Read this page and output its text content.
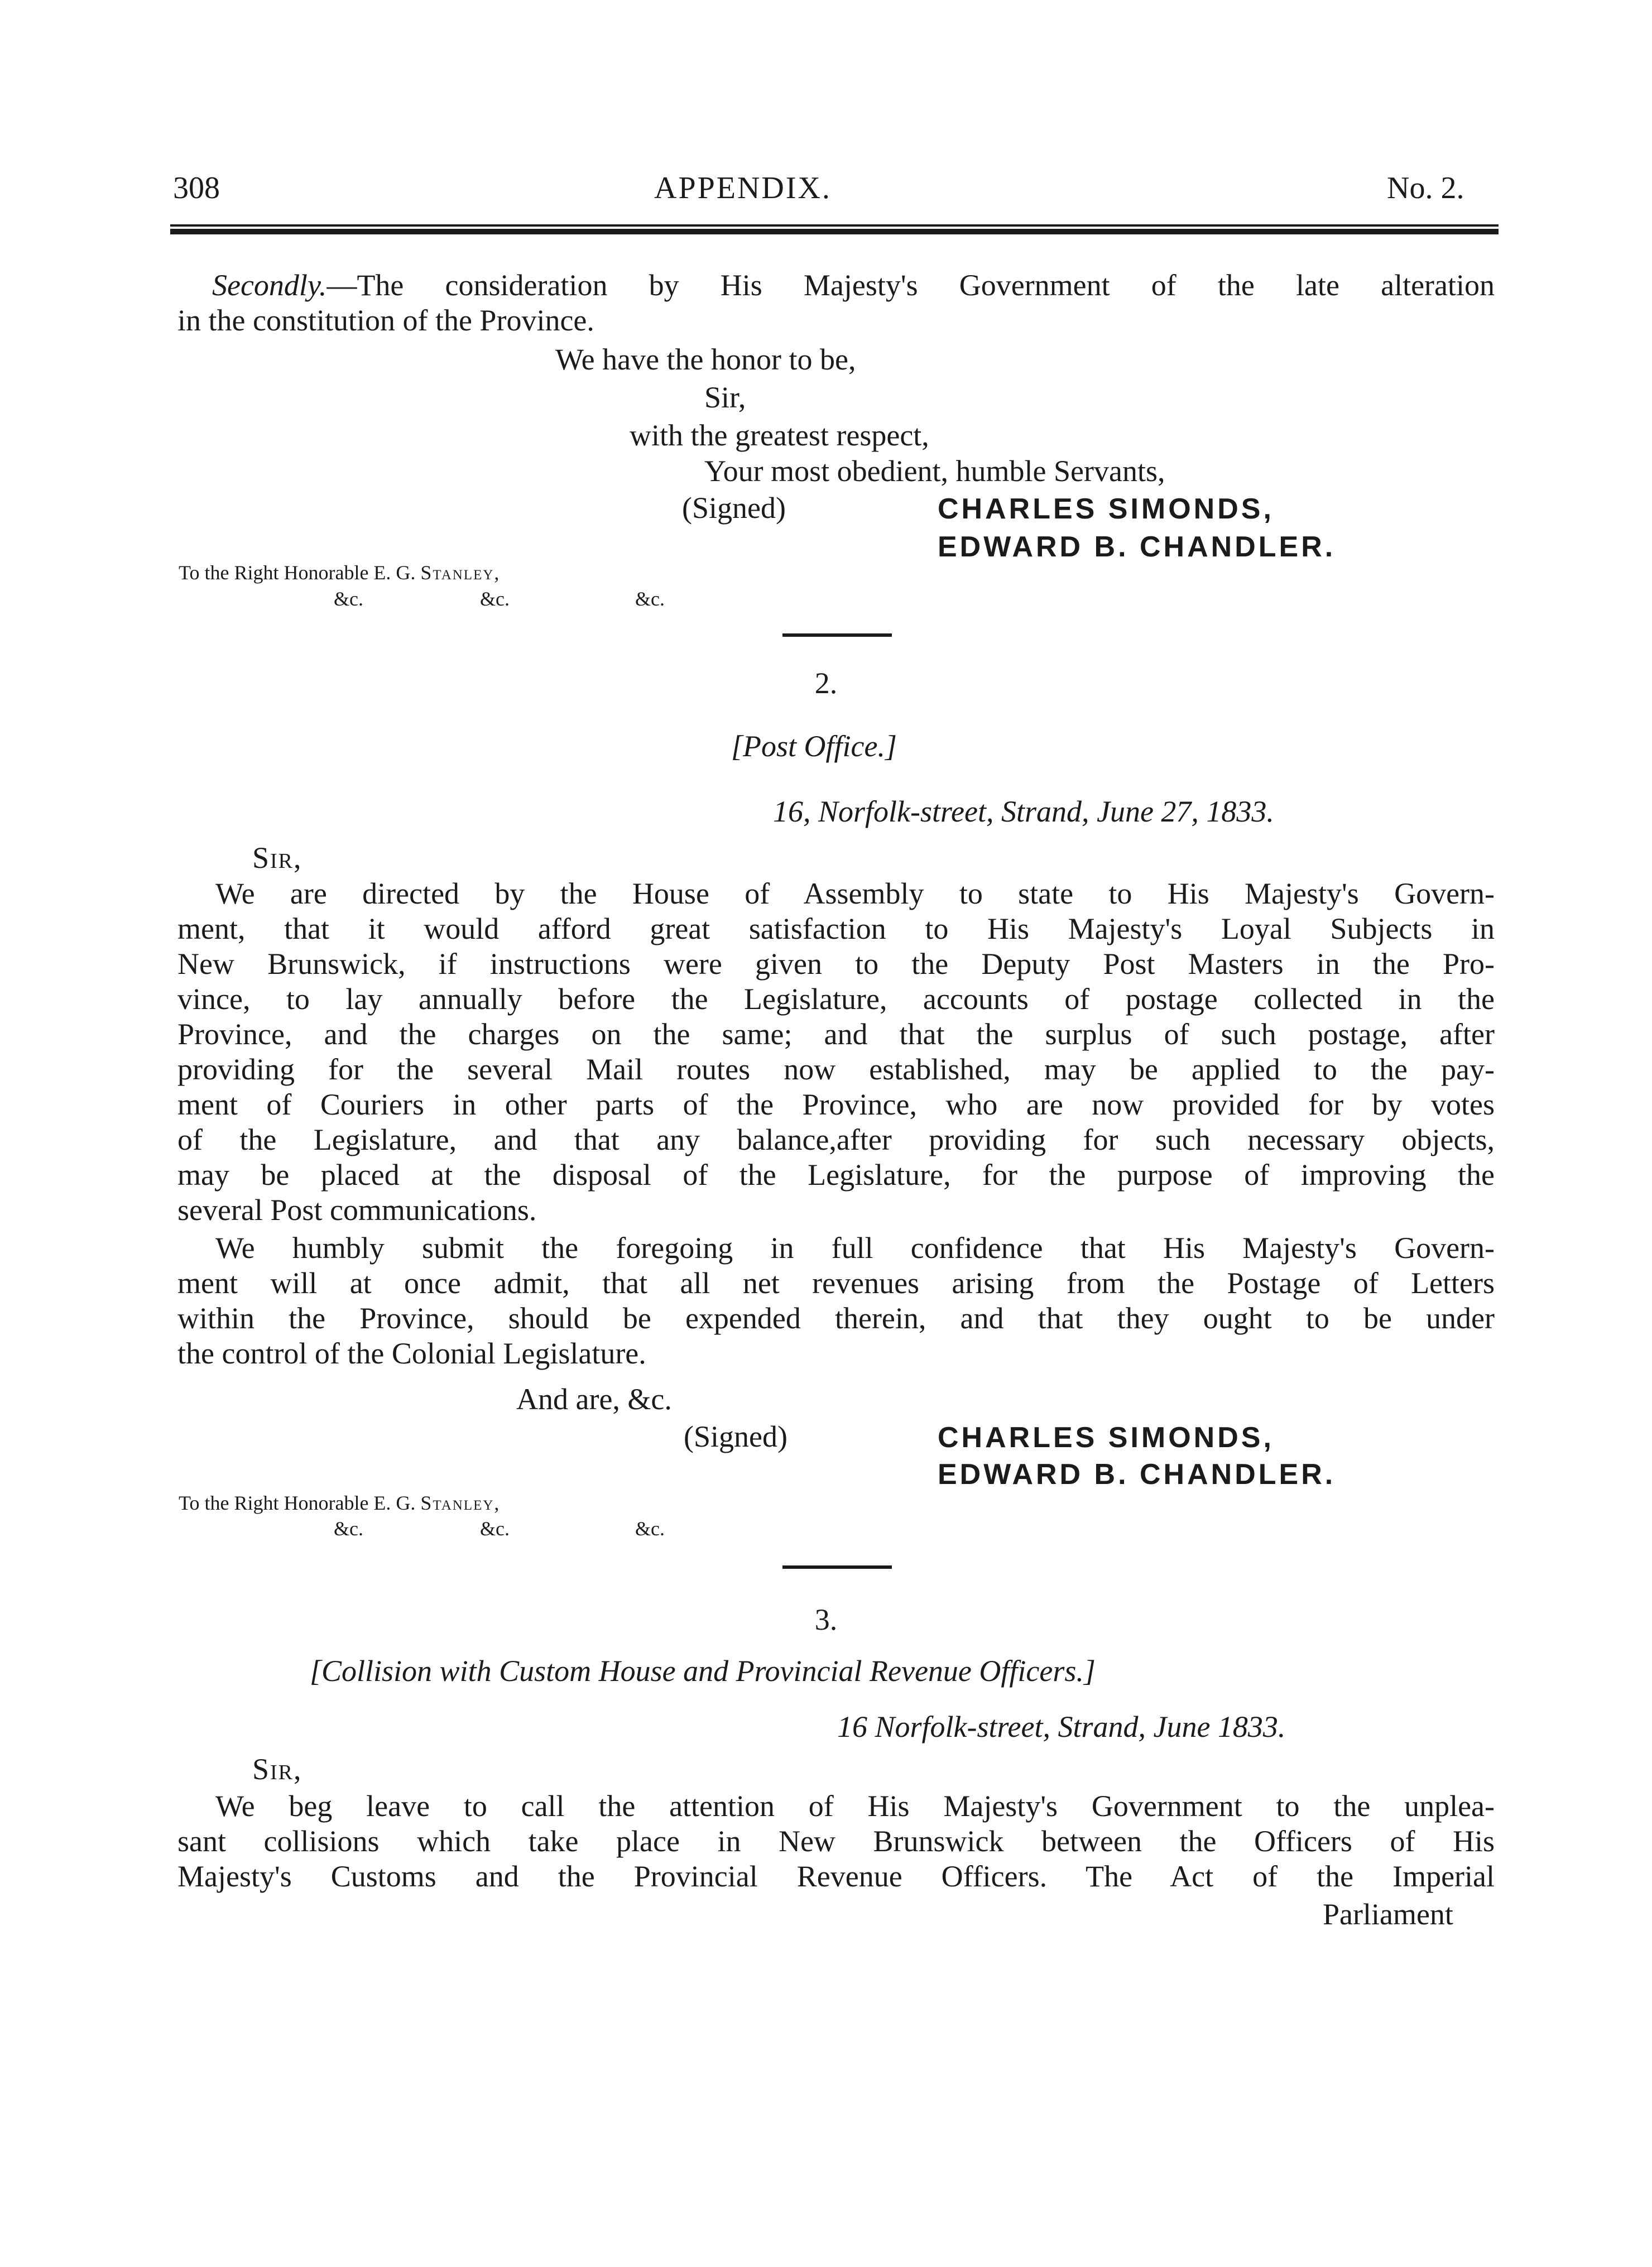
308	APPENDIX.	No. 2.
Secondly.—The consideration by His Majesty's Government of the late alteration
in the constitution of the Province.
We have the honor to be,
Sir,
with the greatest respect,
Your most obedient, humble Servants,
(Signed)	CHARLES SIMONDS,
EDWARD B. CHANDLER.
To the Right Honorable E. G. Stanley,
&c.	&c.	&c.
2.
[Post Office.]
16, Norfolk-street, Strand, June 27, 1833.
Sir,
We are directed by the House of Assembly to state to His Majesty's Govern-
ment, that it would afford great satisfaction to His Majesty's Loyal Subjects in
New Brunswick, if instructions were given to the Deputy Post Masters in the Pro-
vince, to lay annually before the Legislature, accounts of postage collected in the
Province, and the charges on the same; and that the surplus of such postage, after
providing for the several Mail routes now established, may be applied to the pay-
ment of Couriers in other parts of the Province, who are now provided for by votes
of the Legislature, and that any balance,after providing for such necessary objects,
may be placed at the disposal of the Legislature, for the purpose of improving the
several Post communications.
We humbly submit the foregoing in full confidence that His Majesty's Govern-
ment will at once admit, that all net revenues arising from the Postage of Letters
within the Province, should be expended therein, and that they ought to be under
the control of the Colonial Legislature.
And are, &c.
(Signed)	CHARLES SIMONDS,
EDWARD B. CHANDLER.
To the Right Honorable E. G. Stanley,
&c.	&c.	&c.
3.
[Collision with Custom House and Provincial Revenue Officers.]
16 Norfolk-street, Strand, June 1833.
Sir,
We beg leave to call the attention of His Majesty's Government to the unplea-
sant collisions which take place in New Brunswick between the Officers of His
Majesty's Customs and the Provincial Revenue Officers. The Act of the Imperial
Parliament
